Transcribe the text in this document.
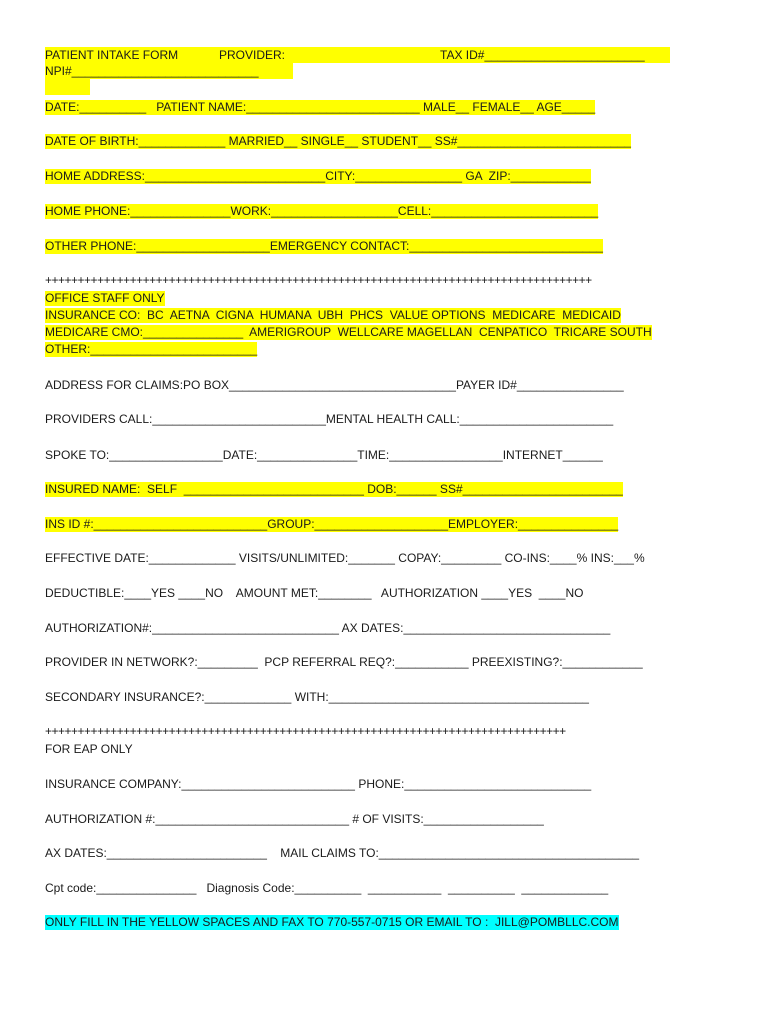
PATIENT INTAKE FORM	PROVIDER:	TAX ID#________________________
NPI#____________________________
DATE:__________   PATIENT NAME:__________________________ MALE__ FEMALE__ AGE_____
DATE OF BIRTH:_____________ MARRIED__ SINGLE__ STUDENT__ SS#__________________________
HOME ADDRESS:___________________________CITY:________________ GA  ZIP:____________
HOME PHONE:_______________WORK:___________________CELL:_________________________
OTHER PHONE:____________________EMERGENCY CONTACT:_____________________________
++++++++++++++++++++++++++++++++++++++++++++++++++++++++++++++++++++++++++++++++++++
OFFICE STAFF ONLY
INSURANCE CO:  BC  AETNA  CIGNA  HUMANA  UBH  PHCS  VALUE OPTIONS  MEDICARE  MEDICAID
MEDICARE CMO:_______________  AMERIGROUP  WELLCARE MAGELLAN  CENPATICO  TRICARE SOUTH
OTHER:_________________________
ADDRESS FOR CLAIMS:PO BOX__________________________________PAYER ID#________________
PROVIDERS CALL:__________________________MENTAL HEALTH CALL:_______________________
SPOKE TO:_________________DATE:_______________TIME:_________________INTERNET______
INSURED NAME:  SELF  ___________________________ DOB:______ SS#________________________
INS ID #:__________________________GROUP:____________________EMPLOYER:_______________
EFFECTIVE DATE:_____________ VISITS/UNLIMITED:_______ COPAY:_________ CO-INS:____% INS:___%
DEDUCTIBLE:____YES ____NO    AMOUNT MET:________   AUTHORIZATION ____YES  ____NO
AUTHORIZATION#:____________________________ AX DATES:_______________________________
PROVIDER IN NETWORK?:_________  PCP REFERRAL REQ?:___________ PREEXISTING?:____________
SECONDARY INSURANCE?:_____________ WITH:_______________________________________
++++++++++++++++++++++++++++++++++++++++++++++++++++++++++++++++++++++++++++++++
FOR EAP ONLY
INSURANCE COMPANY:__________________________ PHONE:____________________________
AUTHORIZATION #:_____________________________ # OF VISITS:__________________
AX DATES:________________________    MAIL CLAIMS TO:_______________________________________
Cpt code:_______________   Diagnosis Code:__________  ___________  __________  _____________
ONLY FILL IN THE YELLOW SPACES AND FAX TO 770-557-0715 OR EMAIL TO :  JILL@POMBLLC.COM
